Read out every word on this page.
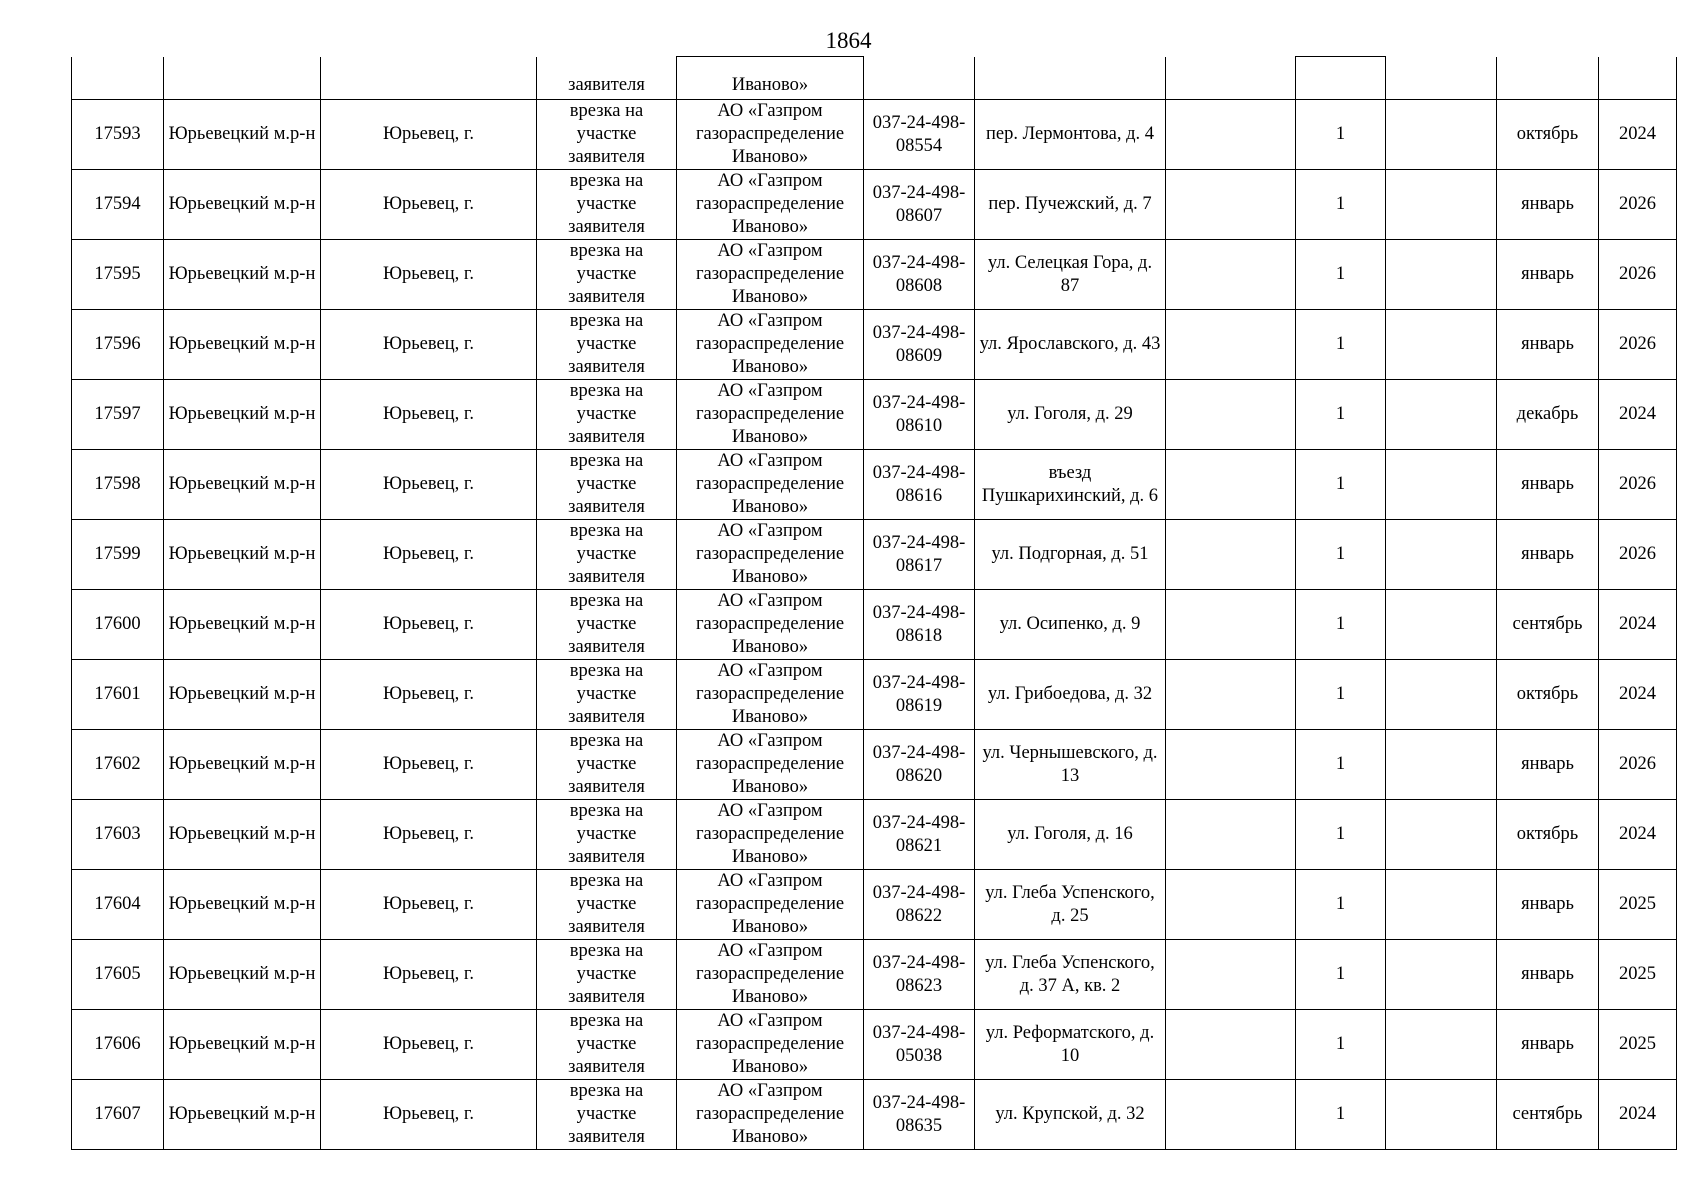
1864
			заявителя	Иваново»							
17593	Юрьевецкий м.р-н	Юрьевец, г.	врезка на участке заявителя	АО «Газпром газораспределение Иваново»	037-24-498-08554	пер. Лермонтова, д. 4		1		октябрь	2024
17594	Юрьевецкий м.р-н	Юрьевец, г.	врезка на участке заявителя	АО «Газпром газораспределение Иваново»	037-24-498-08607	пер. Пучежский, д. 7		1		январь	2026
17595	Юрьевецкий м.р-н	Юрьевец, г.	врезка на участке заявителя	АО «Газпром газораспределение Иваново»	037-24-498-08608	ул. Селецкая Гора, д. 87		1		январь	2026
17596	Юрьевецкий м.р-н	Юрьевец, г.	врезка на участке заявителя	АО «Газпром газораспределение Иваново»	037-24-498-08609	ул. Ярославского, д. 43		1		январь	2026
17597	Юрьевецкий м.р-н	Юрьевец, г.	врезка на участке заявителя	АО «Газпром газораспределение Иваново»	037-24-498-08610	ул. Гоголя, д. 29		1		декабрь	2024
17598	Юрьевецкий м.р-н	Юрьевец, г.	врезка на участке заявителя	АО «Газпром газораспределение Иваново»	037-24-498-08616	въезд Пушкарихинский, д. 6		1		январь	2026
17599	Юрьевецкий м.р-н	Юрьевец, г.	врезка на участке заявителя	АО «Газпром газораспределение Иваново»	037-24-498-08617	ул. Подгорная, д. 51		1		январь	2026
17600	Юрьевецкий м.р-н	Юрьевец, г.	врезка на участке заявителя	АО «Газпром газораспределение Иваново»	037-24-498-08618	ул. Осипенко, д. 9		1		сентябрь	2024
17601	Юрьевецкий м.р-н	Юрьевец, г.	врезка на участке заявителя	АО «Газпром газораспределение Иваново»	037-24-498-08619	ул. Грибоедова, д. 32		1		октябрь	2024
17602	Юрьевецкий м.р-н	Юрьевец, г.	врезка на участке заявителя	АО «Газпром газораспределение Иваново»	037-24-498-08620	ул. Чернышевского, д. 13		1		январь	2026
17603	Юрьевецкий м.р-н	Юрьевец, г.	врезка на участке заявителя	АО «Газпром газораспределение Иваново»	037-24-498-08621	ул. Гоголя, д. 16		1		октябрь	2024
17604	Юрьевецкий м.р-н	Юрьевец, г.	врезка на участке заявителя	АО «Газпром газораспределение Иваново»	037-24-498-08622	ул. Глеба Успенского, д. 25		1		январь	2025
17605	Юрьевецкий м.р-н	Юрьевец, г.	врезка на участке заявителя	АО «Газпром газораспределение Иваново»	037-24-498-08623	ул. Глеба Успенского, д. 37 А, кв. 2		1		январь	2025
17606	Юрьевецкий м.р-н	Юрьевец, г.	врезка на участке заявителя	АО «Газпром газораспределение Иваново»	037-24-498-05038	ул. Реформатского, д. 10		1		январь	2025
17607	Юрьевецкий м.р-н	Юрьевец, г.	врезка на участке заявителя	АО «Газпром газораспределение Иваново»	037-24-498-08635	ул. Крупской, д. 32		1		сентябрь	2024
